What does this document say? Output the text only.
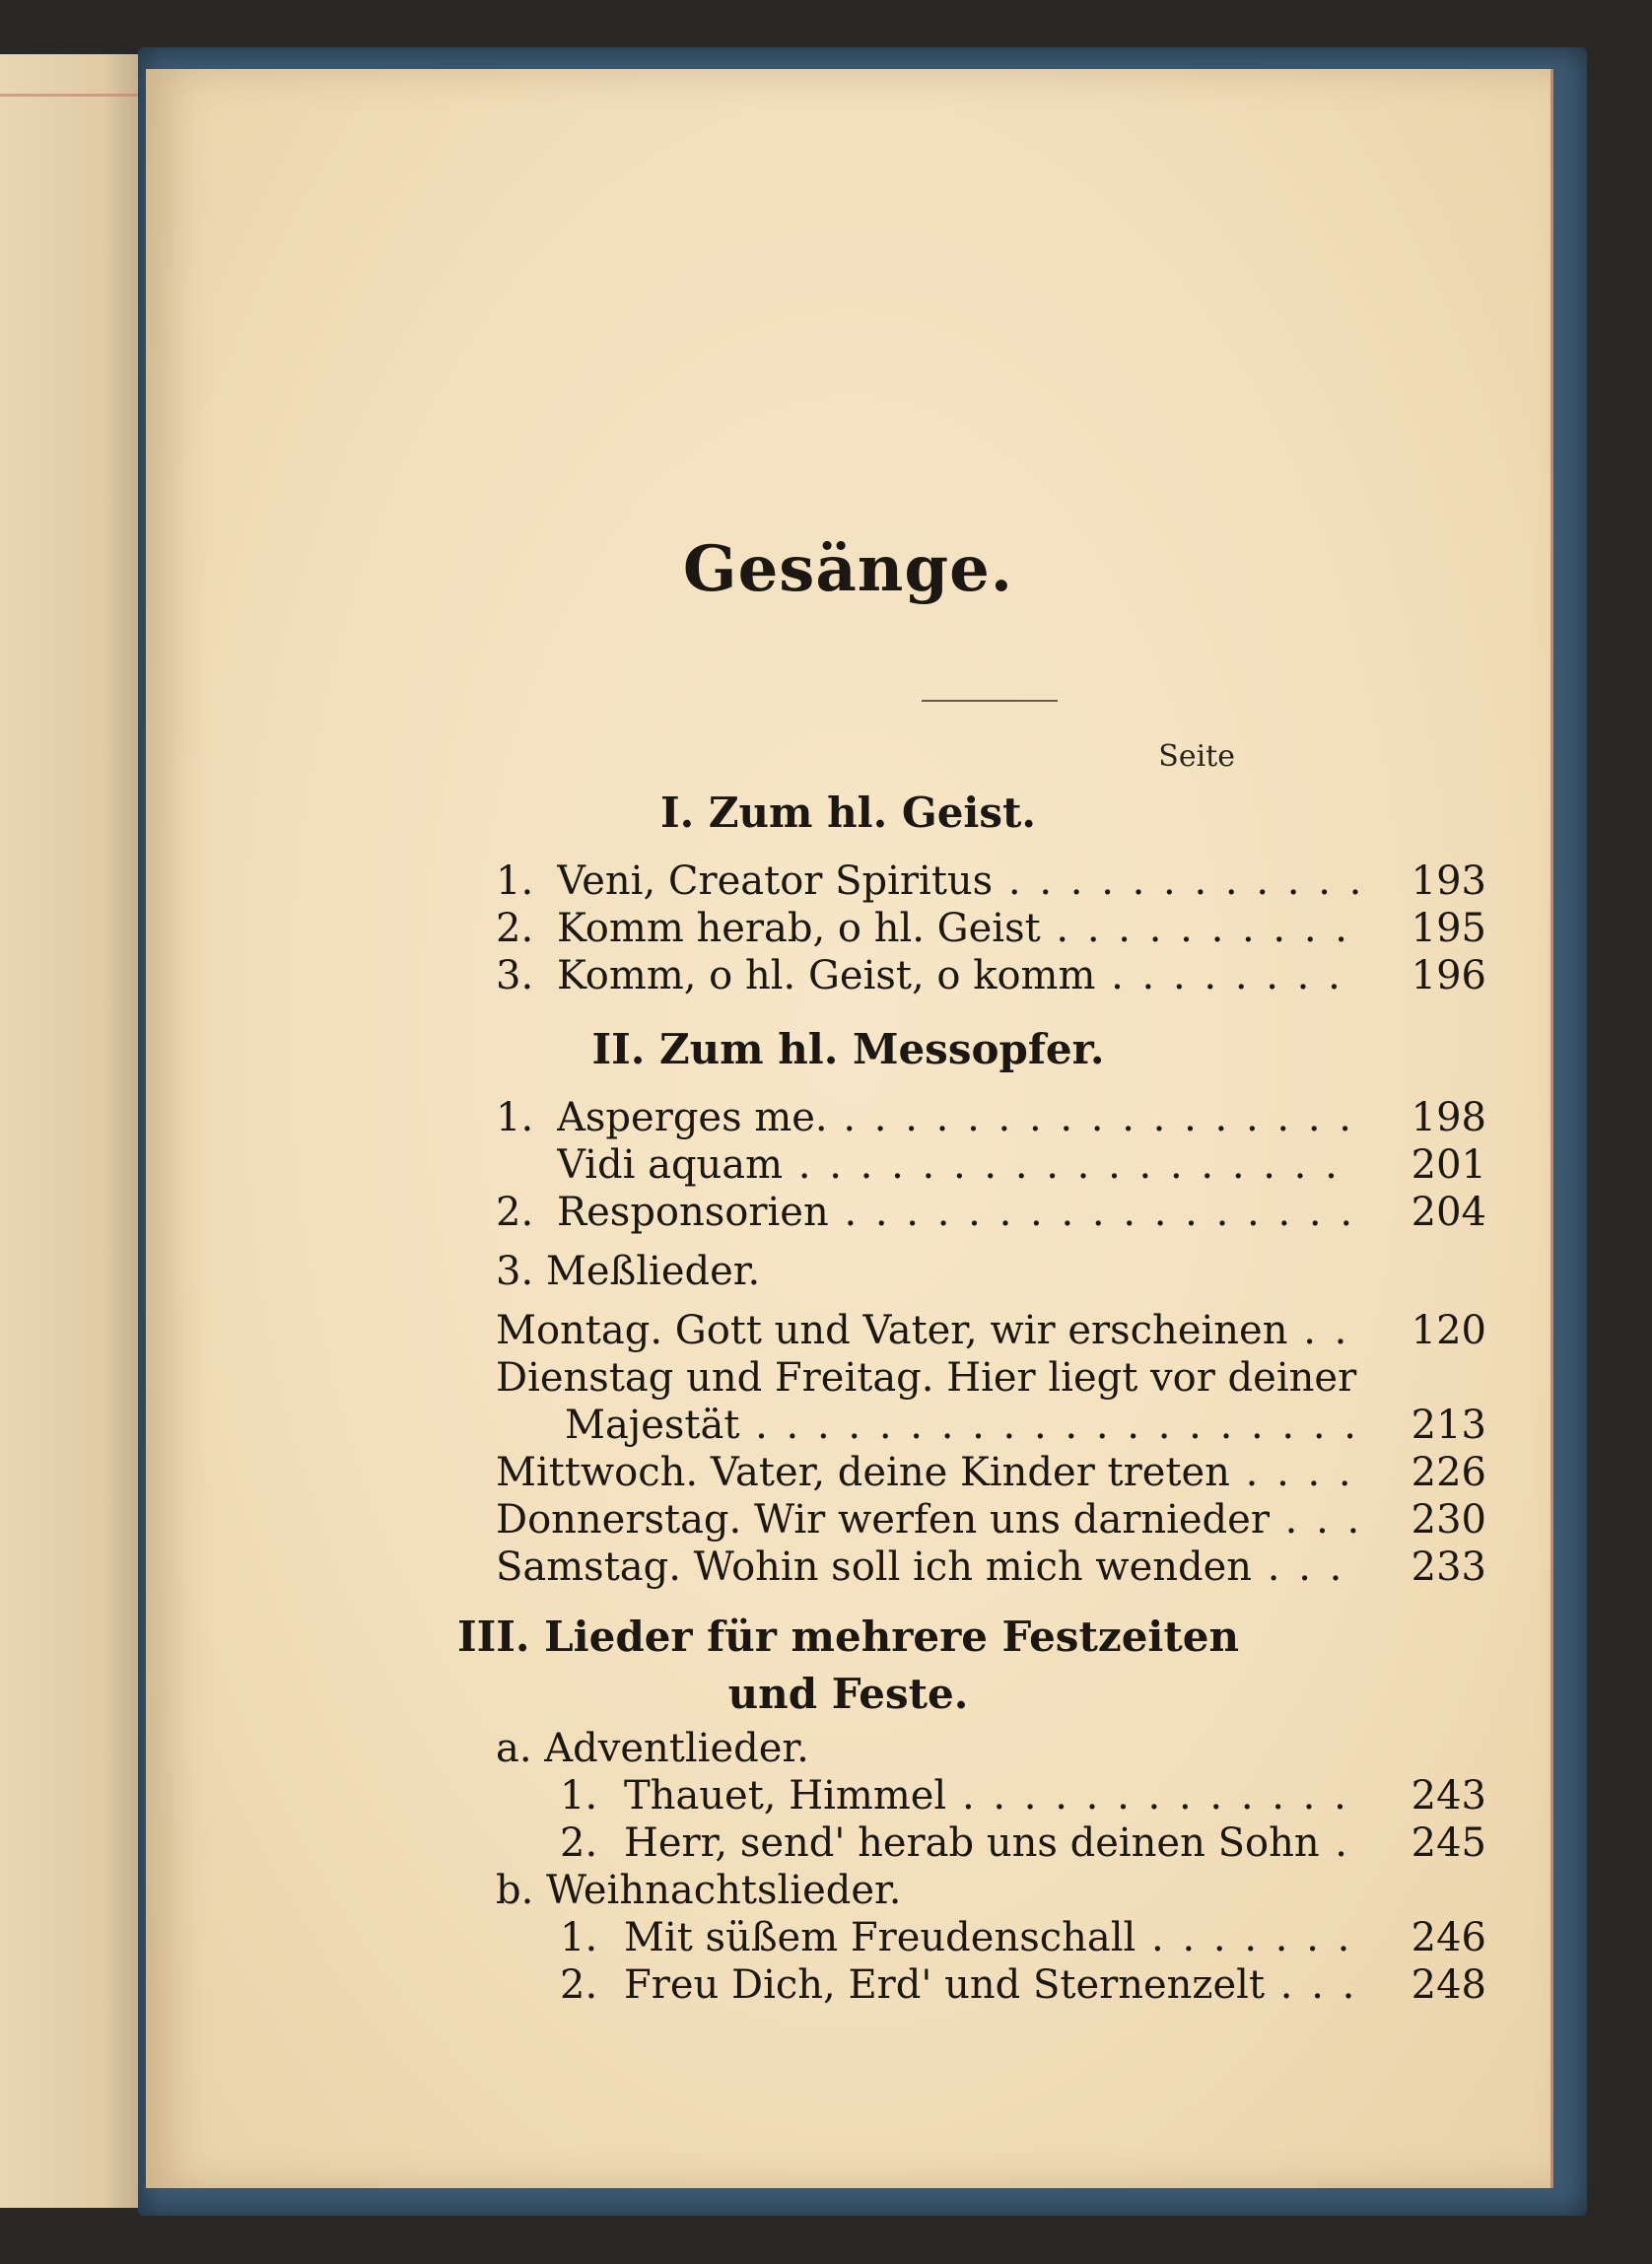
Gesänge.
Seite
I. Zum hl. Geist.
1. Veni, Creator Spiritus . . .	193
2. Komm herab, o hl. Geist . . .	195
3. Komm, o hl. Geist, o komm . . .	196
II. Zum hl. Messopfer.
1. Asperges me. . . .	198
Vidi aquam . . .	201
2. Responsorien . . .	204
3. Meßlieder.
Montag. Gott und Vater, wir erscheinen . . .	120
Dienstag und Freitag. Hier liegt vor deiner
Majestät . . .	213
Mittwoch. Vater, deine Kinder treten . . .	226
Donnerstag. Wir werfen uns darnieder . . .	230
Samstag. Wohin soll ich mich wenden . . .	233
III. Lieder für mehrere Festzeiten
und Feste.
a. Adventlieder.
1. Thauet, Himmel . . .	243
2. Herr, send' herab uns deinen Sohn . . .	245
b. Weihnachtslieder.
1. Mit süßem Freudenschall . . .	246
2. Freu Dich, Erd' und Sternenzelt . . .	248
